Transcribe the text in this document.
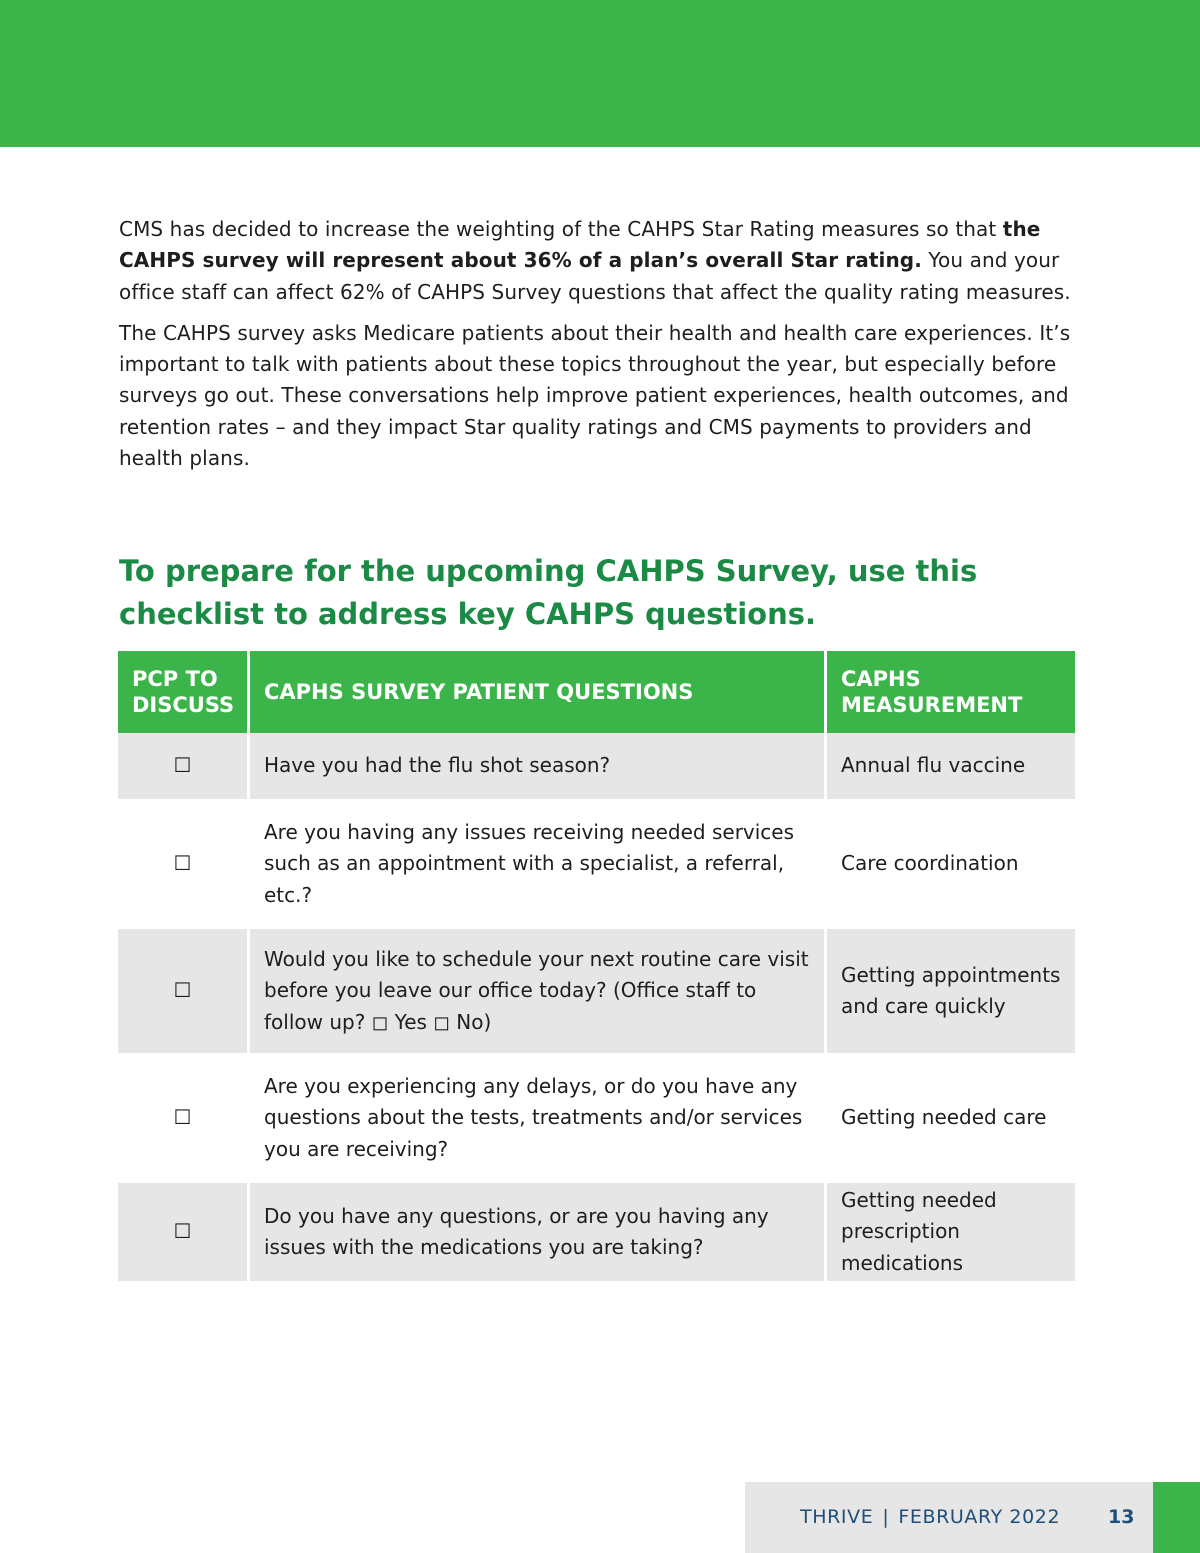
CMS has decided to increase the weighting of the CAHPS Star Rating measures so that the CAHPS survey will represent about 36% of a plan’s overall Star rating. You and your office staff can affect 62% of CAHPS Survey questions that affect the quality rating measures.

The CAHPS survey asks Medicare patients about their health and health care experiences. It’s important to talk with patients about these topics throughout the year, but especially before surveys go out. These conversations help improve patient experiences, health outcomes, and retention rates – and they impact Star quality ratings and CMS payments to providers and health plans.

To prepare for the upcoming CAHPS Survey, use this checklist to address key CAHPS questions.
PCP TO DISCUSS	CAPHS SURVEY PATIENT QUESTIONS	CAPHS MEASUREMENT
☐	Have you had the flu shot season?	Annual flu vaccine
☐	Are you having any issues receiving needed services such as an appointment with a specialist, a referral, etc.?	Care coordination
☐	Would you like to schedule your next routine care visit before you leave our office today? (Office staff to follow up? ◻ Yes ◻ No)	Getting appointments and care quickly
☐	Are you experiencing any delays, or do you have any questions about the tests, treatments and/or services you are receiving?	Getting needed care
☐	Do you have any questions, or are you having any issues with the medications you are taking?	Getting needed prescription medications
THRIVE | FEBRUARY 2022	13
